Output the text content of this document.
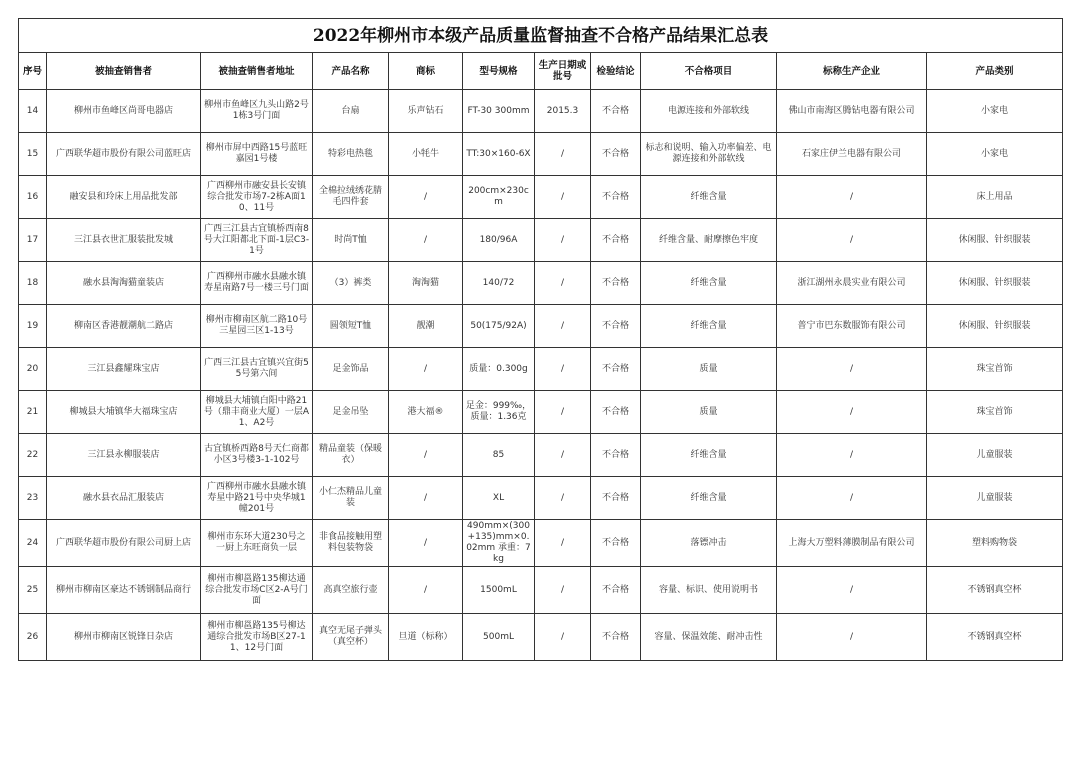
2022年柳州市本级产品质量监督抽查不合格产品结果汇总表										
序号	被抽查销售者	被抽查销售者地址	产品名称	商标	型号规格	生产日期或批号	检验结论	不合格项目	标称生产企业	产品类别
14	柳州市鱼峰区尚哥电器店	柳州市鱼峰区九头山路2号1栋3号门面	台扇	乐声钻石	FT-30 300mm	2015.3	不合格	电源连接和外部软线	佛山市南海区腾钻电器有限公司	小家电
15	广西联华超市股份有限公司蓝旺店	柳州市屏中西路15号蓝旺嘉园1号楼	特彩电热毯	小牦牛	TT:30×160-6X	/	不合格	标志和说明、输入功率偏差、电源连接和外部软线	石家庄伊兰电器有限公司	小家电
16	融安县和玲床上用品批发部	广西柳州市融安县长安镇综合批发市场7-2栋A面10、11号	全棉拉绒绣花腈毛四件套	/	200cm×230cm	/	不合格	纤维含量	/	床上用品
17	三江县衣世汇服装批发城	广西三江县古宜镇桥西南8号大江阳都北下面-1层C3-1号	时尚T恤	/	180/96A	/	不合格	纤维含量、耐摩擦色牢度	/	休闲服、针织服装
18	融水县淘淘猫童装店	广西柳州市融水县融水镇寿星南路7号一楼三号门面	（3）裤类	淘淘猫	140/72	/	不合格	纤维含量	浙江湖州永晨实业有限公司	休闲服、针织服装
19	柳南区香港靓潮航二路店	柳州市柳南区航二路10号三星园三区1-13号	圆领短T恤	靓潮	50(175/92A)	/	不合格	纤维含量	普宁市巴东数服饰有限公司	休闲服、针织服装
20	三江县鑫耀珠宝店	广西三江县古宜镇兴宜街55号第六间	足金饰品	/	质量：0.300g	/	不合格	质量	/	珠宝首饰
21	柳城县大埔镇华大福珠宝店	柳城县大埔镇白阳中路21号（鼎丰商业大厦）一层A1、A2号	足金吊坠	港大福®	足金：999‰，质量：1.36克	/	不合格	质量	/	珠宝首饰
22	三江县永柳服装店	古宜镇桥西路8号天仁商都小区3号楼3-1-102号	精品童装（保暖衣）	/	85	/	不合格	纤维含量	/	儿童服装
23	融水县衣品汇服装店	广西柳州市融水县融水镇寿星中路21号中央华城1幢201号	小仁杰精品儿童装	/	XL	/	不合格	纤维含量	/	儿童服装
24	广西联华超市股份有限公司厨上店	柳州市东环大道230号之一厨上东旺商负一层	非食品接触用塑料包装物袋	/	490mm×(300+135)mm×0.02mm 承重：7kg	/	不合格	落镖冲击	上海大万塑料薄膜制品有限公司	塑料购物袋
25	柳州市柳南区豪达不锈钢制品商行	柳州市柳邕路135柳达通综合批发市场C区2-A号门面	高真空旅行壶	/	1500mL	/	不合格	容量、标识、使用说明书	/	不锈钢真空杯
26	柳州市柳南区锐锋日杂店	柳州市柳邕路135号柳达通综合批发市场B区27-11、12号门面	真空无尾子弹头（真空杯）	旦道（标称）	500mL	/	不合格	容量、保温效能、耐冲击性	/	不锈钢真空杯
